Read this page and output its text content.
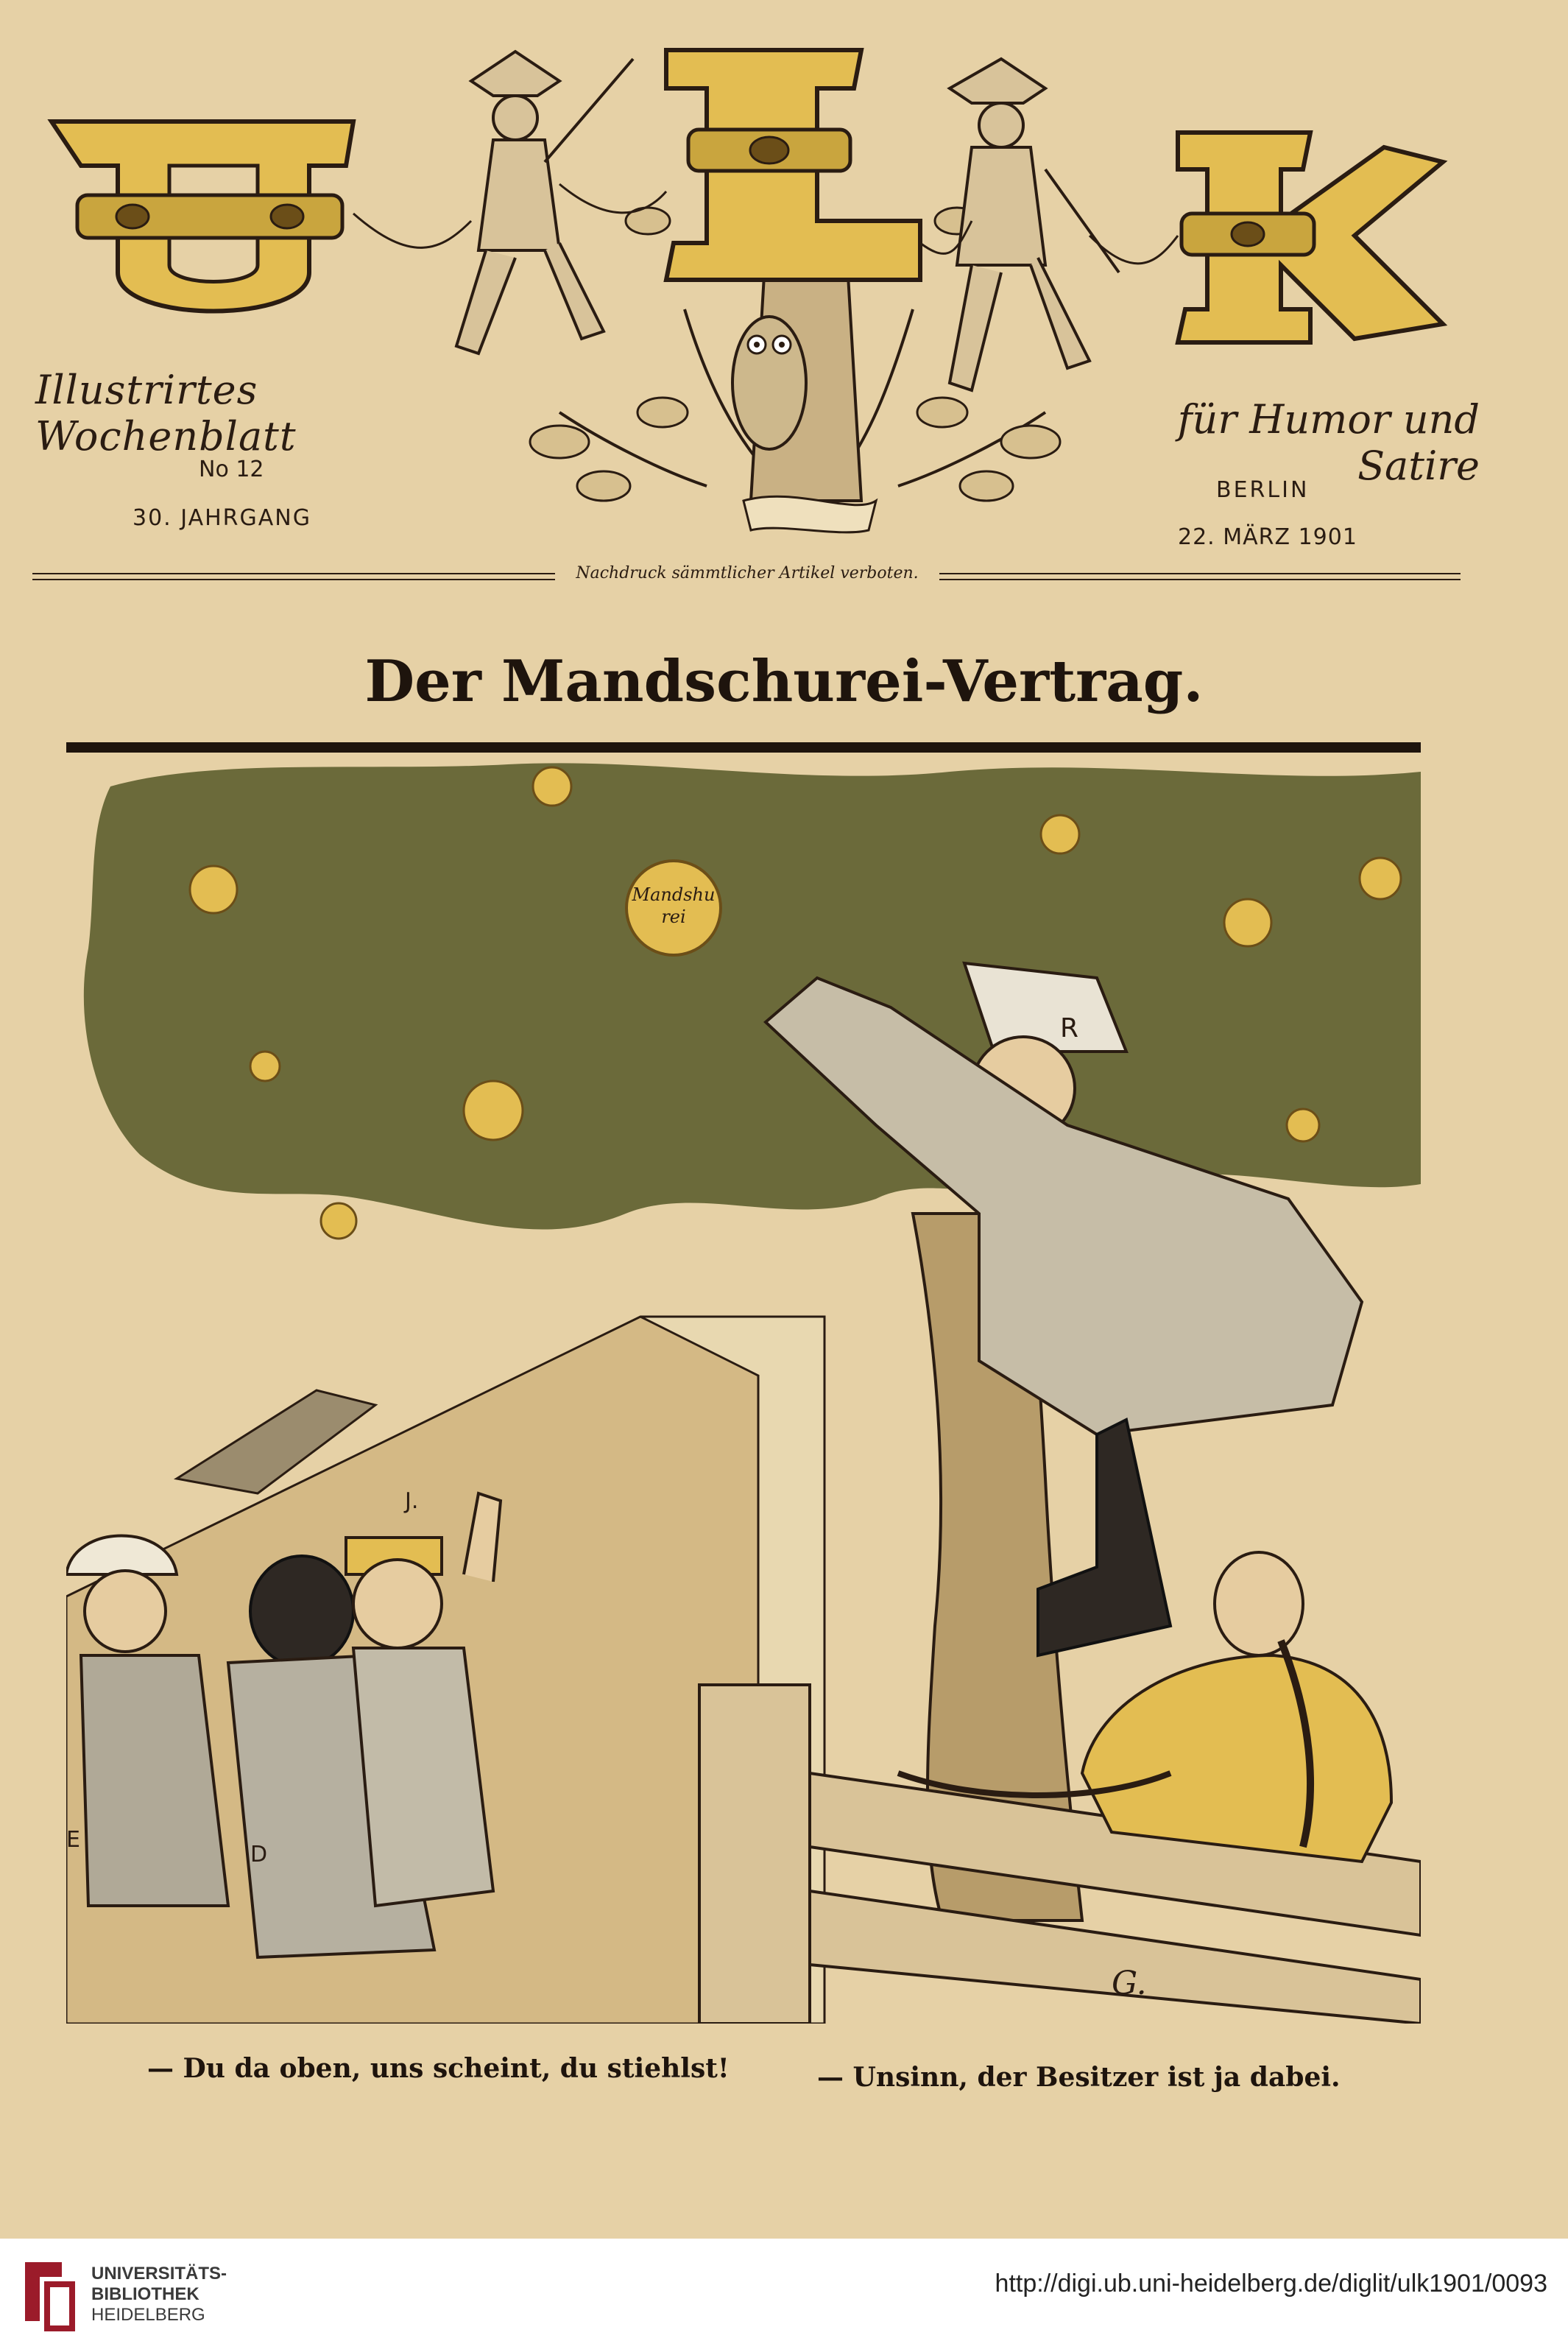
Illustrirtes Wochenblatt	für Humor und Satire
No 12
30. JAHRGANG
BERLIN
22. MÄRZ 1901
Nachdruck sämmtlicher Artikel verboten.
Der Mandschurei-Vertrag.
Mandshu
rei
R
E
D
J.
G.
— Du da oben, uns scheint, du stiehlst!	— Unsinn, der Besitzer ist ja dabei.
UNIVERSITÄTS-
BIBLIOTHEK
HEIDELBERG
http://digi.ub.uni-heidelberg.de/diglit/ulk1901/0093
